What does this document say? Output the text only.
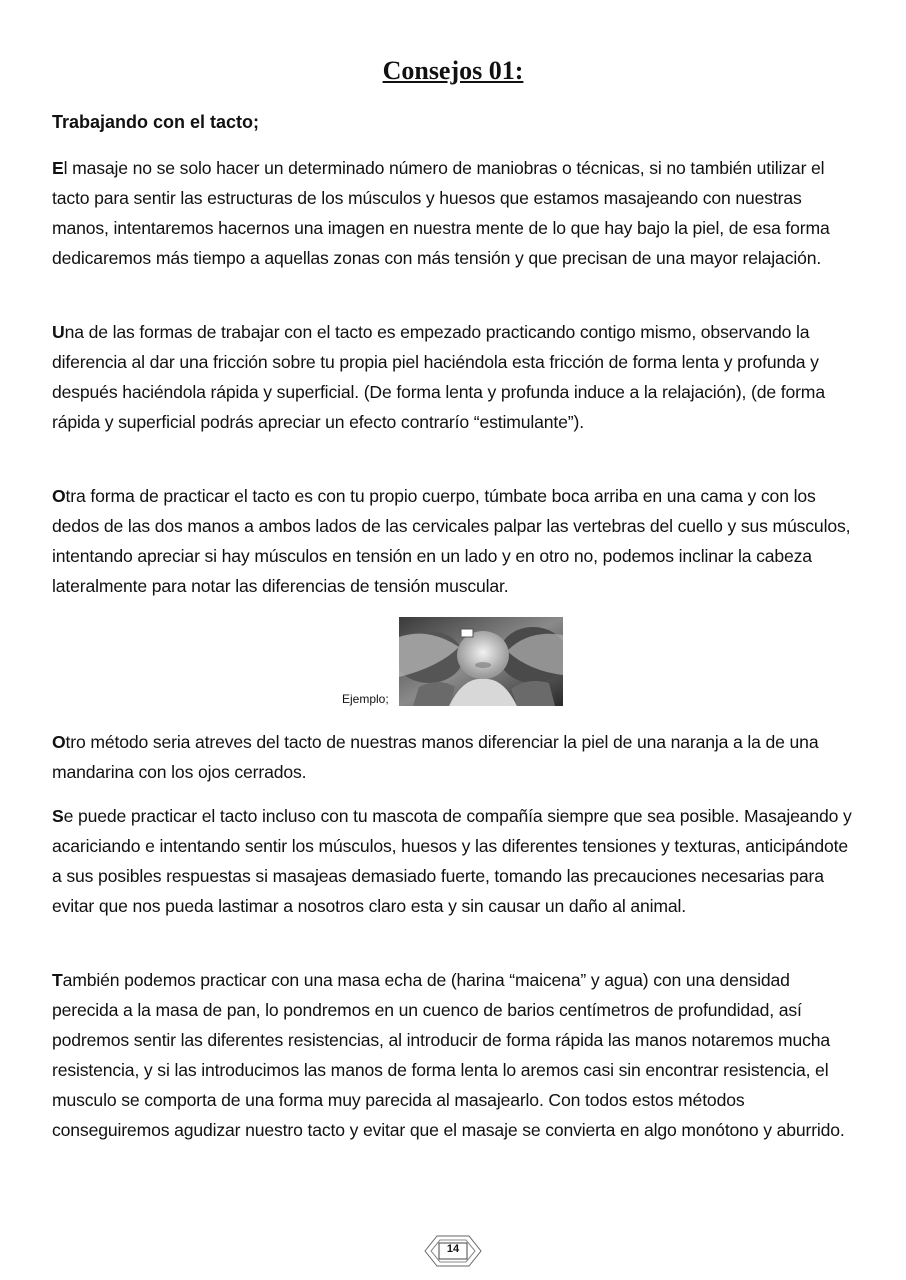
Consejos 01:
Trabajando con el tacto;

El masaje no se solo hacer un determinado número de maniobras o técnicas, si no también utilizar el tacto para sentir las estructuras de los músculos y huesos que estamos masajeando con nuestras manos, intentaremos hacernos una imagen en nuestra mente de lo que hay bajo la piel, de esa forma dedicaremos más tiempo a aquellas zonas con más tensión y que precisan de una mayor relajación.

Una de las formas de trabajar con el tacto es empezado practicando contigo mismo, observando la diferencia al dar una fricción sobre tu propia piel haciéndola esta fricción de forma lenta y profunda y después haciéndola rápida y superficial. (De forma lenta y profunda induce a la relajación), (de forma rápida y superficial podrás apreciar un efecto contrarío “estimulante”).

Otra forma de practicar el tacto es con tu propio cuerpo, túmbate boca arriba en una cama y con los dedos de las dos manos a ambos lados de las cervicales palpar las vertebras del cuello y sus músculos, intentando apreciar si hay músculos en tensión en un lado y en otro no, podemos inclinar la cabeza lateralmente para notar las diferencias de tensión muscular.

Ejemplo;

Otro método seria atreves del tacto de nuestras manos diferenciar la piel de una naranja a la de una mandarina con los ojos cerrados.

Se puede practicar el tacto incluso con tu mascota de compañía siempre que sea posible. Masajeando y acariciando e intentando sentir los músculos, huesos y las diferentes tensiones y texturas, anticipándote a sus posibles respuestas si masajeas demasiado fuerte, tomando las precauciones necesarias para evitar que nos pueda lastimar a nosotros claro esta y sin causar un daño al animal.

También podemos practicar con una masa echa de (harina “maicena” y agua) con una densidad perecida a la masa de pan, lo pondremos en un cuenco de barios centímetros de profundidad, así podremos sentir las diferentes resistencias, al introducir de forma rápida las manos notaremos mucha resistencia, y si las introducimos las manos de forma lenta lo aremos casi sin encontrar resistencia, el musculo se comporta de una forma muy parecida al masajearlo. Con todos estos métodos conseguiremos agudizar nuestro tacto y evitar que el masaje se convierta en algo monótono y aburrido.

14
